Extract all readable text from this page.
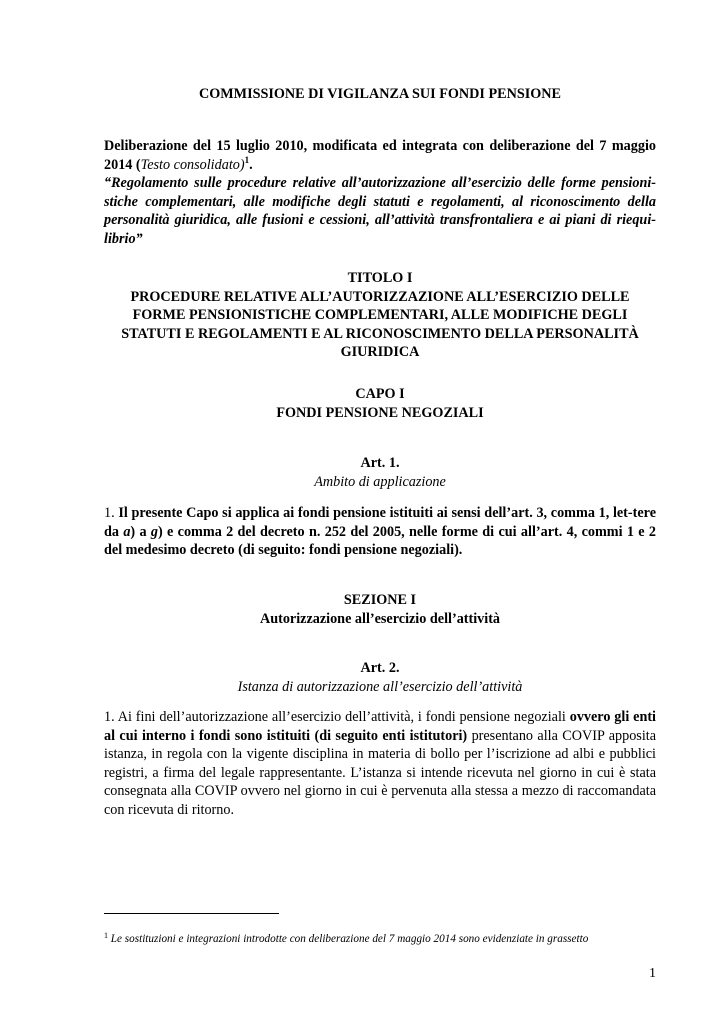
COMMISSIONE DI VIGILANZA SUI FONDI PENSIONE
Deliberazione del 15 luglio 2010, modificata ed integrata con deliberazione del 7 maggio 2014 (Testo consolidato)$^1$.
“Regolamento sulle procedure relative all’autorizzazione all’esercizio delle forme pensioni-stiche complementari, alle modifiche degli statuti e regolamenti, al riconoscimento della personalità giuridica, alle fusioni e cessioni, all’attività transfrontaliera e ai piani di riequi-librio”
TITOLO I
PROCEDURE RELATIVE ALL’AUTORIZZAZIONE ALL’ESERCIZIO DELLE
FORME PENSIONISTICHE COMPLEMENTARI, ALLE MODIFICHE DEGLI
STATUTI E REGOLAMENTI E AL RICONOSCIMENTO DELLA PERSONALITÀ
GIURIDICA
CAPO I
FONDI PENSIONE NEGOZIALI
Art. 1.
Ambito di applicazione
1. Il presente Capo si applica ai fondi pensione istituiti ai sensi dell’art. 3, comma 1, let-tere da a) a g) e comma 2 del decreto n. 252 del 2005, nelle forme di cui all’art. 4, commi 1 e 2 del medesimo decreto (di seguito: fondi pensione negoziali).
SEZIONE I
Autorizzazione all’esercizio dell’attività
Art. 2.
Istanza di autorizzazione all’esercizio dell’attività
1. Ai fini dell’autorizzazione all’esercizio dell’attività, i fondi pensione negoziali ovvero gli enti al cui interno i fondi sono istituiti (di seguito enti istitutori) presentano alla COVIP apposita istanza, in regola con la vigente disciplina in materia di bollo per l’iscrizione ad albi e pubblici registri, a firma del legale rappresentante. L’istanza si intende ricevuta nel giorno in cui è stata consegnata alla COVIP ovvero nel giorno in cui è pervenuta alla stessa a mezzo di raccomandata con ricevuta di ritorno.
$^1$ Le sostituzioni e integrazioni introdotte con deliberazione del 7 maggio 2014 sono evidenziate in grassetto
1
